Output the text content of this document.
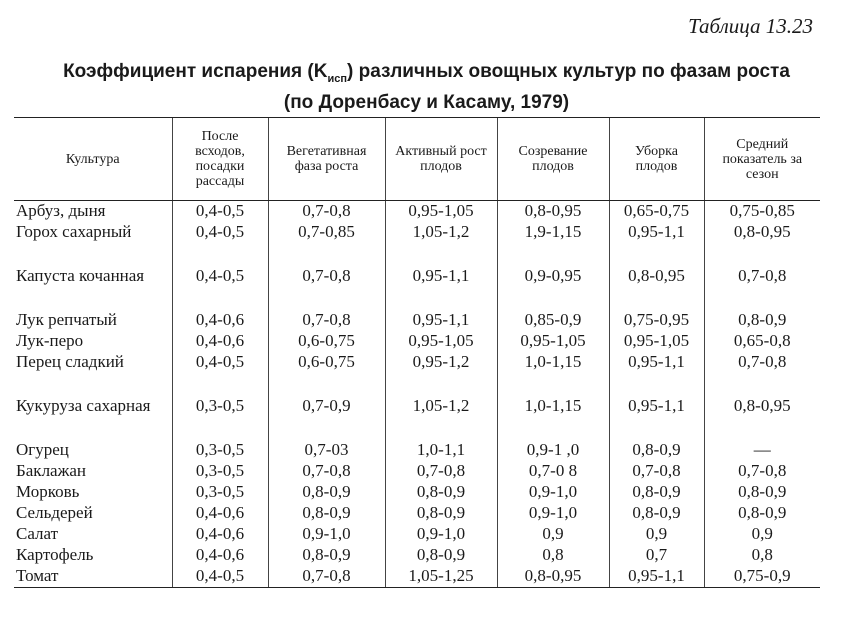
Таблица 13.23
Коэффициент испарения $(K_{исп})$ различных овощных культур по фазам роста
(по Доренбасу и Касаму, 1979)
Культура	После всходов, посадки рассады	Вегетативная фаза роста	Активный рост плодов	Созревание плодов	Уборка плодов	Средний показатель за сезон
Арбуз, дыня	0,4-0,5	0,7-0,8	0,95-1,05	0,8-0,95	0,65-0,75	0,75-0,85
Горох сахарный	0,4-0,5	0,7-0,85	1,05-1,2	1,9-1,15	0,95-1,1	0,8-0,95
Капуста кочанная	0,4-0,5	0,7-0,8	0,95-1,1	0,9-0,95	0,8-0,95	0,7-0,8
Лук репчатый	0,4-0,6	0,7-0,8	0,95-1,1	0,85-0,9	0,75-0,95	0,8-0,9
Лук-перо	0,4-0,6	0,6-0,75	0,95-1,05	0,95-1,05	0,95-1,05	0,65-0,8
Перец сладкий	0,4-0,5	0,6-0,75	0,95-1,2	1,0-1,15	0,95-1,1	0,7-0,8
Кукуруза сахарная	0,3-0,5	0,7-0,9	1,05-1,2	1,0-1,15	0,95-1,1	0,8-0,95
Огурец	0,3-0,5	0,7-03	1,0-1,1	0,9-1 ,0	0,8-0,9	—
Баклажан	0,3-0,5	0,7-0,8	0,7-0,8	0,7-0 8	0,7-0,8	0,7-0,8
Морковь	0,3-0,5	0,8-0,9	0,8-0,9	0,9-1,0	0,8-0,9	0,8-0,9
Сельдерей	0,4-0,6	0,8-0,9	0,8-0,9	0,9-1,0	0,8-0,9	0,8-0,9
Салат	0,4-0,6	0,9-1,0	0,9-1,0	0,9	0,9	0,9
Картофель	0,4-0,6	0,8-0,9	0,8-0,9	0,8	0,7	0,8
Томат	0,4-0,5	0,7-0,8	1,05-1,25	0,8-0,95	0,95-1,1	0,75-0,9
